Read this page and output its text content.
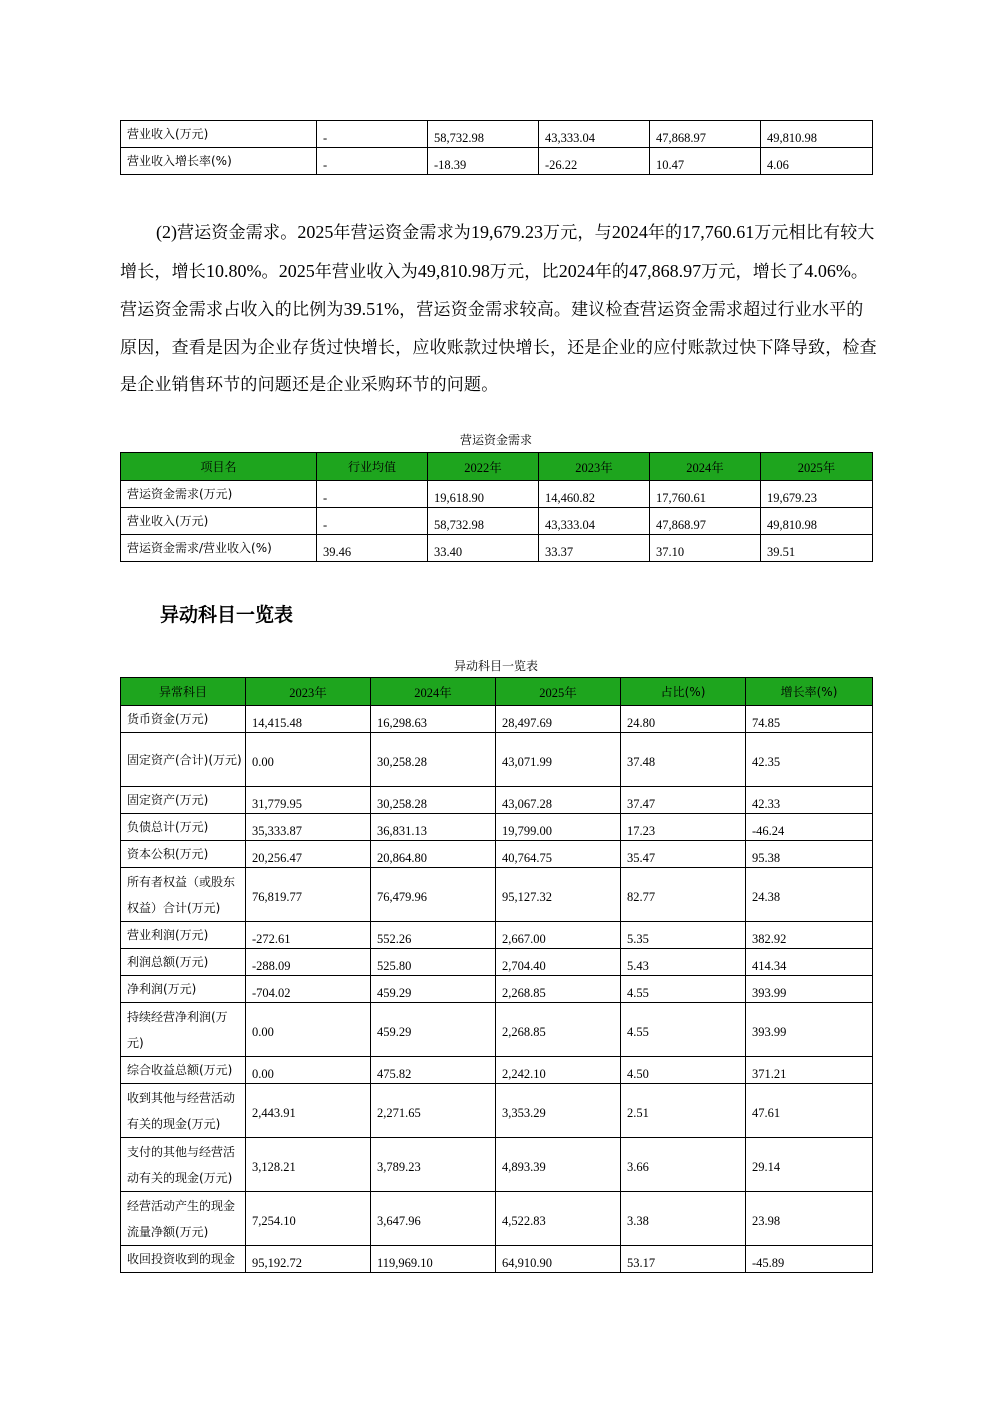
营业收入(万元)	-	58,732.98	43,333.04	47,868.97	49,810.98
营业收入增长率(%)	-	-18.39	-26.22	10.47	4.06
(2)营运资金需求。2025年营运资金需求为19,679.23万元，与2024年的17,760.61万元相比有较大增长，增长10.80%。2025年营业收入为49,810.98万元，比2024年的47,868.97万元，增长了4.06%。营运资金需求占收入的比例为39.51%，营运资金需求较高。建议检查营运资金需求超过行业水平的原因，查看是因为企业存货过快增长，应收账款过快增长，还是企业的应付账款过快下降导致，检查是企业销售环节的问题还是企业采购环节的问题。
营运资金需求
项目名	行业均值	2022年	2023年	2024年	2025年
营运资金需求(万元)	-	19,618.90	14,460.82	17,760.61	19,679.23
营业收入(万元)	-	58,732.98	43,333.04	47,868.97	49,810.98
营运资金需求/营业收入(%)	39.46	33.40	33.37	37.10	39.51
异动科目一览表
异动科目一览表
异常科目	2023年	2024年	2025年	占比(%)	增长率(%)
货币资金(万元)	14,415.48	16,298.63	28,497.69	24.80	74.85
固定资产(合计)(万元)	0.00	30,258.28	43,071.99	37.48	42.35
固定资产(万元)	31,779.95	30,258.28	43,067.28	37.47	42.33
负债总计(万元)	35,333.87	36,831.13	19,799.00	17.23	-46.24
资本公积(万元)	20,256.47	20,864.80	40,764.75	35.47	95.38
所有者权益（或股东权益）合计(万元)	76,819.77	76,479.96	95,127.32	82.77	24.38
营业利润(万元)	-272.61	552.26	2,667.00	5.35	382.92
利润总额(万元)	-288.09	525.80	2,704.40	5.43	414.34
净利润(万元)	-704.02	459.29	2,268.85	4.55	393.99
持续经营净利润(万元)	0.00	459.29	2,268.85	4.55	393.99
综合收益总额(万元)	0.00	475.82	2,242.10	4.50	371.21
收到其他与经营活动有关的现金(万元)	2,443.91	2,271.65	3,353.29	2.51	47.61
支付的其他与经营活动有关的现金(万元)	3,128.21	3,789.23	4,893.39	3.66	29.14
经营活动产生的现金流量净额(万元)	7,254.10	3,647.96	4,522.83	3.38	23.98
收回投资收到的现金	95,192.72	119,969.10	64,910.90	53.17	-45.89
